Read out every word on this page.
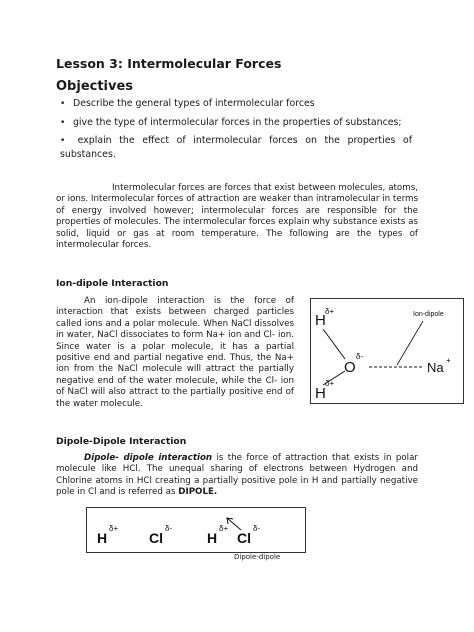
Lesson 3: Intermolecular Forces
Objectives
• Describe the general types of intermolecular forces
• give the type of intermolecular forces in the properties of substances;
• explain the effect of intermolecular forces on the properties of substances.
Intermolecular forces are forces that exist between molecules, atoms, or ions. Intermolecular forces of attraction are weaker than intramolecular in terms of energy involved however; intermolecular forces are responsible for the properties of molecules. The intermolecular forces explain why substance exists as solid, liquid or gas at room temperature. The following are the types of intermolecular forces.
Ion-dipole Interaction
An ion-dipole interaction is the force of interaction that exists between charged particles called ions and a polar molecule. When NaCl dissolves in water, NaCl dissociates to form Na+ ion and Cl- ion. Since water is a polar molecule, it has a partial positive end and partial negative end. Thus, the Na+ ion from the NaCl molecule will attract the partially negative end of the water molecule, while the Cl- ion of NaCl will also attract to the partially positive end of the water molecule.
H
δ+
H
δ+
O
δ-
Na +
Ion-dipole
Dipole-Dipole Interaction
Dipole- dipole interaction is the force of attraction that exists in polar molecule like HCl. The unequal sharing of electrons between Hydrogen and Chlorine atoms in HCl creating a partially positive pole in H and partially negative pole in Cl and is referred as DIPOLE.
H
δ+
Cl
δ-
H
δ+
Cl
δ-
Dipole-dipole
